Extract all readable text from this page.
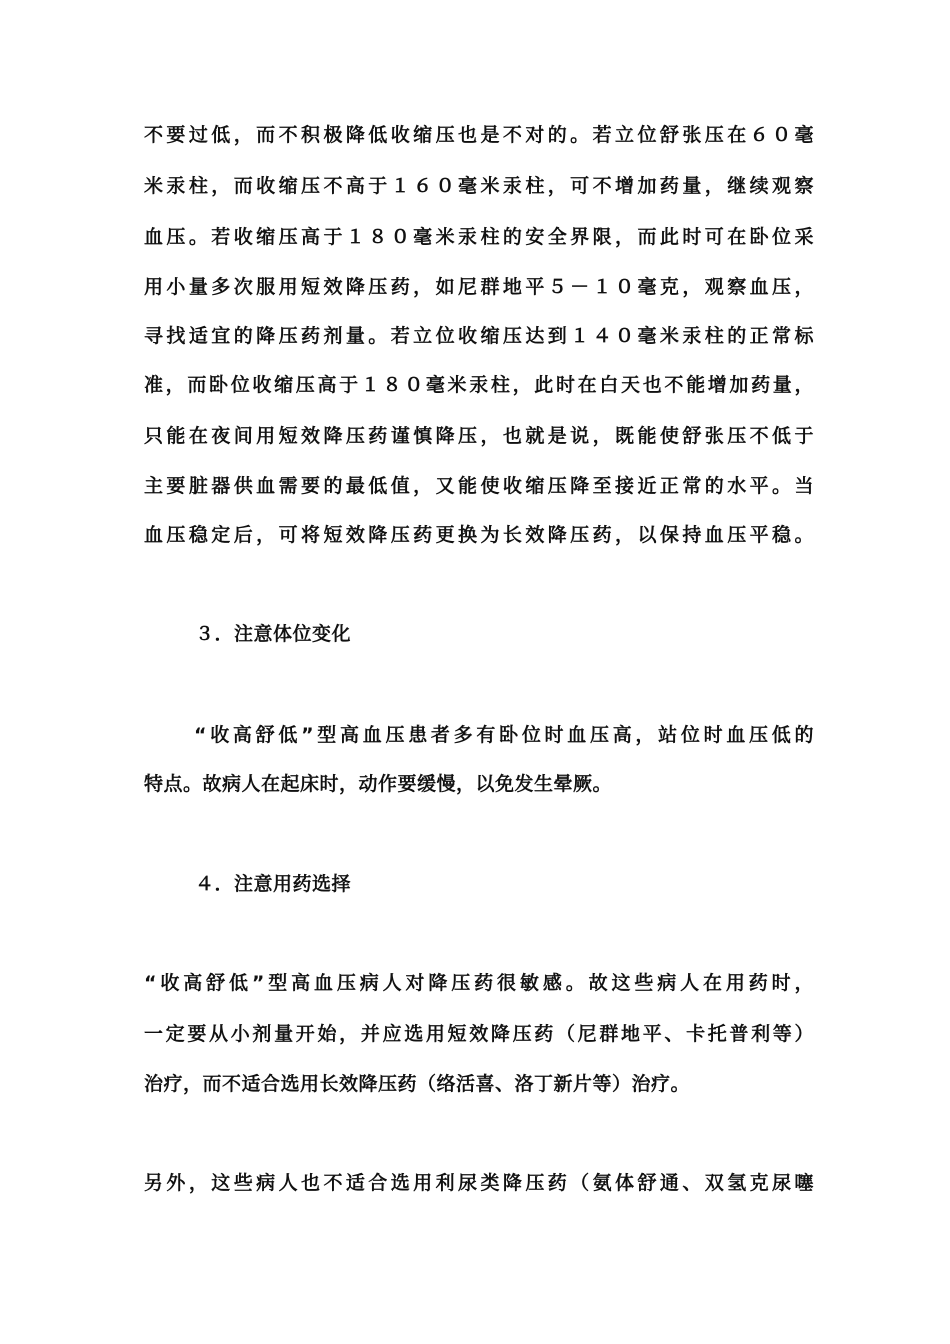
不要过低，而不积极降低收缩压也是不对的。若立位舒张压在６０毫
米汞柱，而收缩压不高于１６０毫米汞柱，可不增加药量，继续观察
血压。若收缩压高于１８０毫米汞柱的安全界限，而此时可在卧位采
用小量多次服用短效降压药，如尼群地平５－１０毫克，观察血压，
寻找适宜的降压药剂量。若立位收缩压达到１４０毫米汞柱的正常标
准，而卧位收缩压高于１８０毫米汞柱，此时在白天也不能增加药量，
只能在夜间用短效降压药谨慎降压，也就是说，既能使舒张压不低于
主要脏器供血需要的最低值，又能使收缩压降至接近正常的水平。当
血压稳定后，可将短效降压药更换为长效降压药，以保持血压平稳。
３．注意体位变化
“收高舒低”型高血压患者多有卧位时血压高，站位时血压低的
特点。故病人在起床时，动作要缓慢，以免发生晕厥。
４．注意用药选择
“收高舒低”型高血压病人对降压药很敏感。故这些病人在用药时，
一定要从小剂量开始，并应选用短效降压药（尼群地平、卡托普利等）
治疗，而不适合选用长效降压药（络活喜、洛丁新片等）治疗。
另外，这些病人也不适合选用利尿类降压药（氨体舒通、双氢克尿噻
